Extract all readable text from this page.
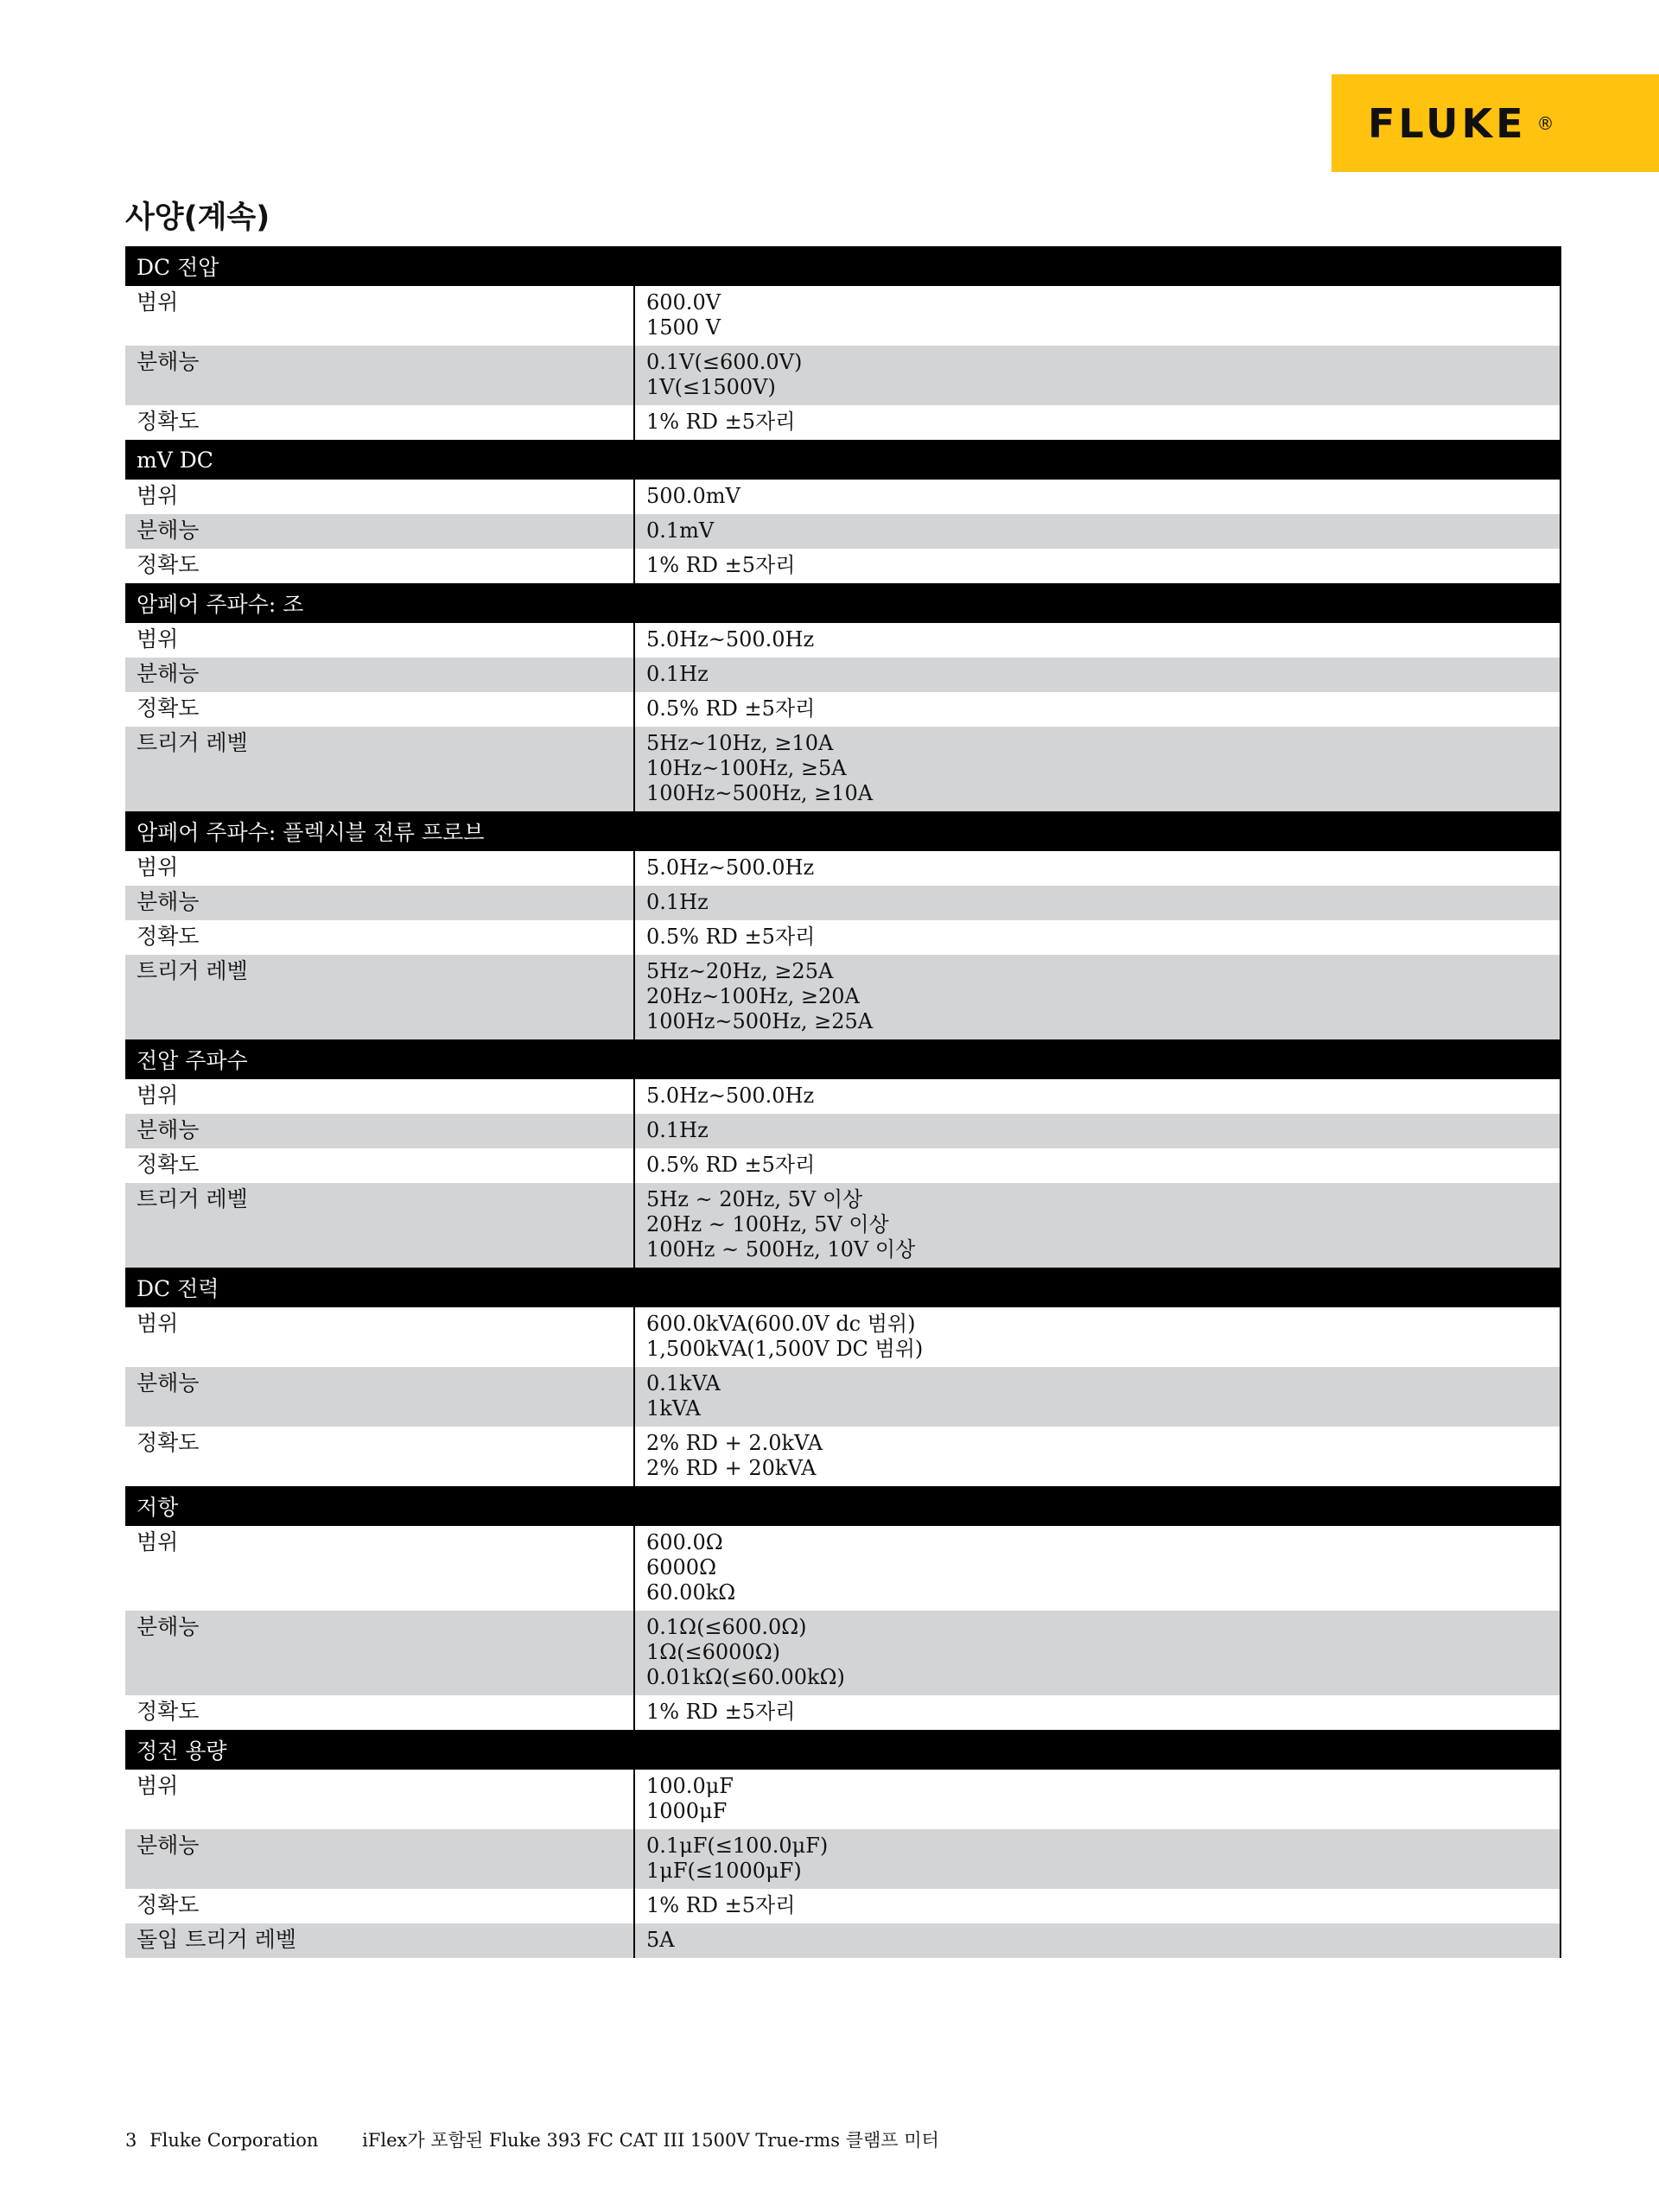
FLUKE ®
사양(계속)
DC 전압
범위	600.0V
1500 V
분해능	0.1V(≤600.0V)
1V(≤1500V)
정확도	1% RD ±5자리
mV DC
범위	500.0mV
분해능	0.1mV
정확도	1% RD ±5자리
암페어 주파수: 조
범위	5.0Hz~500.0Hz
분해능	0.1Hz
정확도	0.5% RD ±5자리
트리거 레벨	5Hz~10Hz, ≥10A
10Hz~100Hz, ≥5A
100Hz~500Hz, ≥10A
암페어 주파수: 플렉시블 전류 프로브
범위	5.0Hz~500.0Hz
분해능	0.1Hz
정확도	0.5% RD ±5자리
트리거 레벨	5Hz~20Hz, ≥25A
20Hz~100Hz, ≥20A
100Hz~500Hz, ≥25A
전압 주파수
범위	5.0Hz~500.0Hz
분해능	0.1Hz
정확도	0.5% RD ±5자리
트리거 레벨	5Hz ~ 20Hz, 5V 이상
20Hz ~ 100Hz, 5V 이상
100Hz ~ 500Hz, 10V 이상
DC 전력
범위	600.0kVA(600.0V dc 범위)
1,500kVA(1,500V DC 범위)
분해능	0.1kVA
1kVA
정확도	2% RD + 2.0kVA
2% RD + 20kVA
저항
범위	600.0Ω
6000Ω
60.00kΩ
분해능	0.1Ω(≤600.0Ω)
1Ω(≤6000Ω)
0.01kΩ(≤60.00kΩ)
정확도	1% RD ±5자리
정전 용량
범위	100.0μF
1000μF
분해능	0.1μF(≤100.0μF)
1μF(≤1000μF)
정확도	1% RD ±5자리
돌입 트리거 레벨	5A
3 Fluke Corporation iFlex가 포함된 Fluke 393 FC CAT III 1500V True-rms 클램프 미터
